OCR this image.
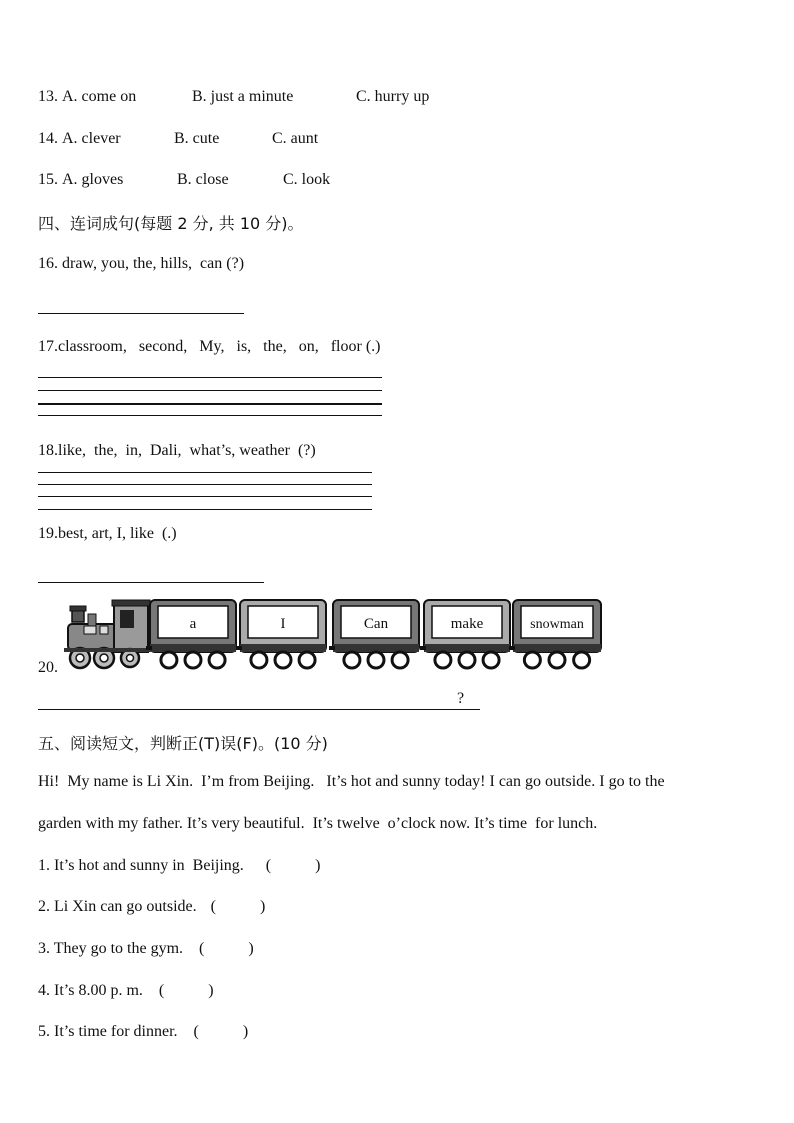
13. A. come on	B. just a minute	C. hurry up
14. A. clever	B. cute	C. aunt
15. A. gloves	B. close	C. look
四、连词成句(每题 2 分, 共 10 分)。
16. draw, you, the, hills,  can (?)
17.classroom,   second,   My,   is,   the,   on,   floor (.)
18.like,  the,  in,  Dali,  what’s, weather  (?)
19.best, art, I, like  (.)
20.
a	I	Can	make	snowman
?
五、阅读短文，判断正(T)误(F)。(10 分)
Hi!  My name is Li Xin.  I’m from Beijing.   It’s hot and sunny today! I can go outside. I go to the
garden with my father. It’s very beautiful.  It’s twelve  o’clock now. It’s time  for lunch.
1. It’s hot and sunny in  Beijing. (           )
2. Li Xin can go outside. (           )
3. They go to the gym. (           )
4. It’s 8.00 p. m. (           )
5. It’s time for dinner. (           )
